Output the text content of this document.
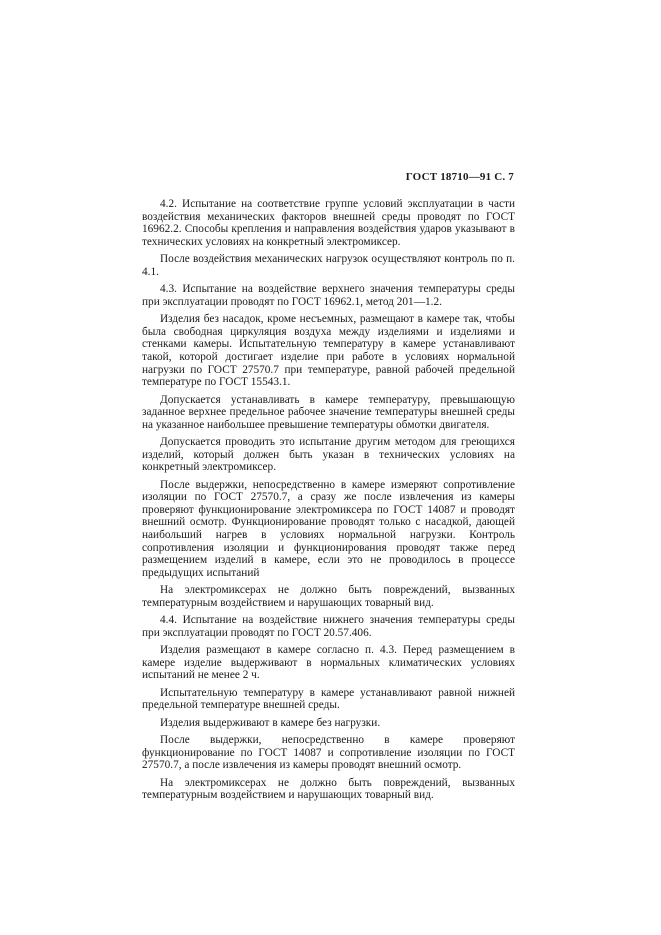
ГОСТ 18710—91 С. 7

4.2. Испытание на соответствие группе условий эксплуатации в части воздействия механических факторов внешней среды проводят по ГОСТ 16962.2. Способы крепления и направления воздействия ударов указывают в технических условиях на конкретный электромиксер.

После воздействия механических нагрузок осуществляют контроль по п. 4.1.

4.3. Испытание на воздействие верхнего значения температуры среды при эксплуатации проводят по ГОСТ 16962.1, метод 201—1.2.

Изделия без насадок, кроме несъемных, размещают в камере так, чтобы была свободная циркуляция воздуха между изделиями и изделиями и стенками камеры. Испытательную температуру в камере устанавливают такой, которой достигает изделие при работе в условиях нормальной нагрузки по ГОСТ 27570.7 при температуре, равной рабочей предельной температуре по ГОСТ 15543.1.

Допускается устанавливать в камере температуру, превышающую заданное верхнее предельное рабочее значение температуры внешней среды на указанное наибольшее превышение температуры обмотки двигателя.

Допускается проводить это испытание другим методом для греющихся изделий, который должен быть указан в технических условиях на конкретный электромиксер.

После выдержки, непосредственно в камере измеряют сопротивление изоляции по ГОСТ 27570.7, а сразу же после извлечения из камеры проверяют функционирование электромиксера по ГОСТ 14087 и проводят внешний осмотр. Функционирование проводят только с насадкой, дающей наибольший нагрев в условиях нормальной нагрузки. Контроль сопротивления изоляции и функционирования проводят также перед размещением изделий в камере, если это не проводилось в процессе предыдущих испытаний

На электромиксерах не должно быть повреждений, вызванных температурным воздействием и нарушающих товарный вид.

4.4. Испытание на воздействие нижнего значения температуры среды при эксплуатации проводят по ГОСТ 20.57.406.

Изделия размещают в камере согласно п. 4.3. Перед размещением в камере изделие выдерживают в нормальных климатических условиях испытаний не менее 2 ч.

Испытательную температуру в камере устанавливают равной нижней предельной температуре внешней среды.

Изделия выдерживают в камере без нагрузки.

После выдержки, непосредственно в камере проверяют функционирование по ГОСТ 14087 и сопротивление изоляции по ГОСТ 27570.7, а после извлечения из камеры проводят внешний осмотр.

На электромиксерах не должно быть повреждений, вызванных температурным воздействием и нарушающих товарный вид.
